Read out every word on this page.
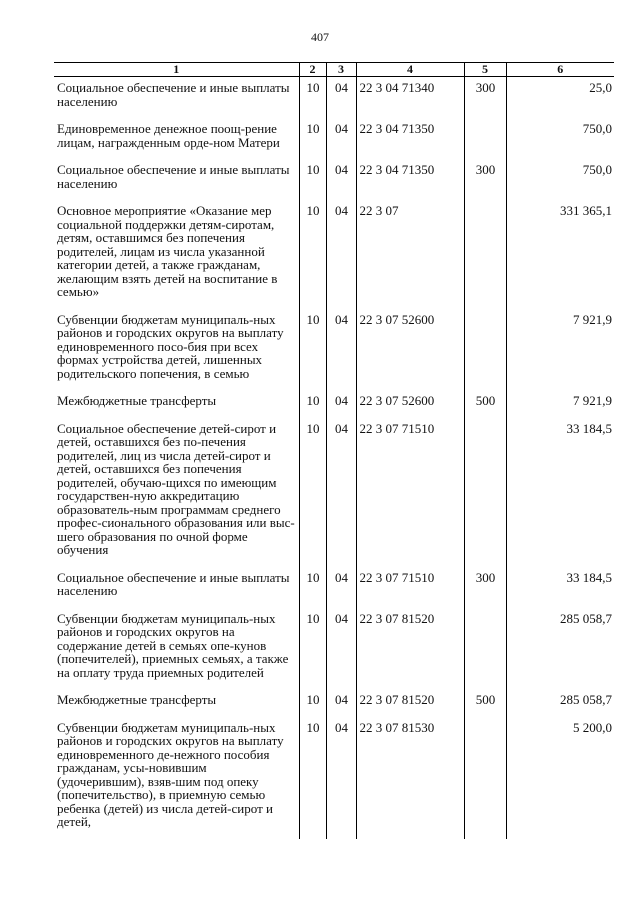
407
1	2	3	4	5	6
Социальное обеспечение и иные выплаты населению	10	04	22 3 04 71340	300	25,0
Единовременное денежное поощ-рение лицам, награжденным орде-ном Матери	10	04	22 3 04 71350		750,0
Социальное обеспечение и иные выплаты населению	10	04	22 3 04 71350	300	750,0
Основное мероприятие «Оказание мер социальной поддержки детям-сиротам, детям, оставшимся без попечения родителей, лицам из числа указанной категории детей, а также гражданам, желающим взять детей на воспитание в семью»	10	04	22 3 07		331 365,1
Субвенции бюджетам муниципаль-ных районов и городских округов на выплату единовременного посо-бия при всех формах устройства детей, лишенных родительского попечения, в семью	10	04	22 3 07 52600		7 921,9
Межбюджетные трансферты	10	04	22 3 07 52600	500	7 921,9
Социальное обеспечение детей-сирот и детей, оставшихся без по-печения родителей, лиц из числа детей-сирот и детей, оставшихся без попечения родителей, обучаю-щихся по имеющим государствен-ную аккредитацию образователь-ным программам среднего профес-сионального образования или выс-шего образования по очной форме обучения	10	04	22 3 07 71510		33 184,5
Социальное обеспечение и иные выплаты населению	10	04	22 3 07 71510	300	33 184,5
Субвенции бюджетам муниципаль-ных районов и городских округов на содержание детей в семьях опе-кунов (попечителей), приемных семьях, а также на оплату труда приемных родителей	10	04	22 3 07 81520		285 058,7
Межбюджетные трансферты	10	04	22 3 07 81520	500	285 058,7
Субвенции бюджетам муниципаль-ных районов и городских округов на выплату единовременного де-нежного пособия гражданам, усы-новившим (удочерившим), взяв-шим под опеку (попечительство), в приемную семью ребенка (детей) из числа детей-сирот и детей,	10	04	22 3 07 81530		5 200,0
